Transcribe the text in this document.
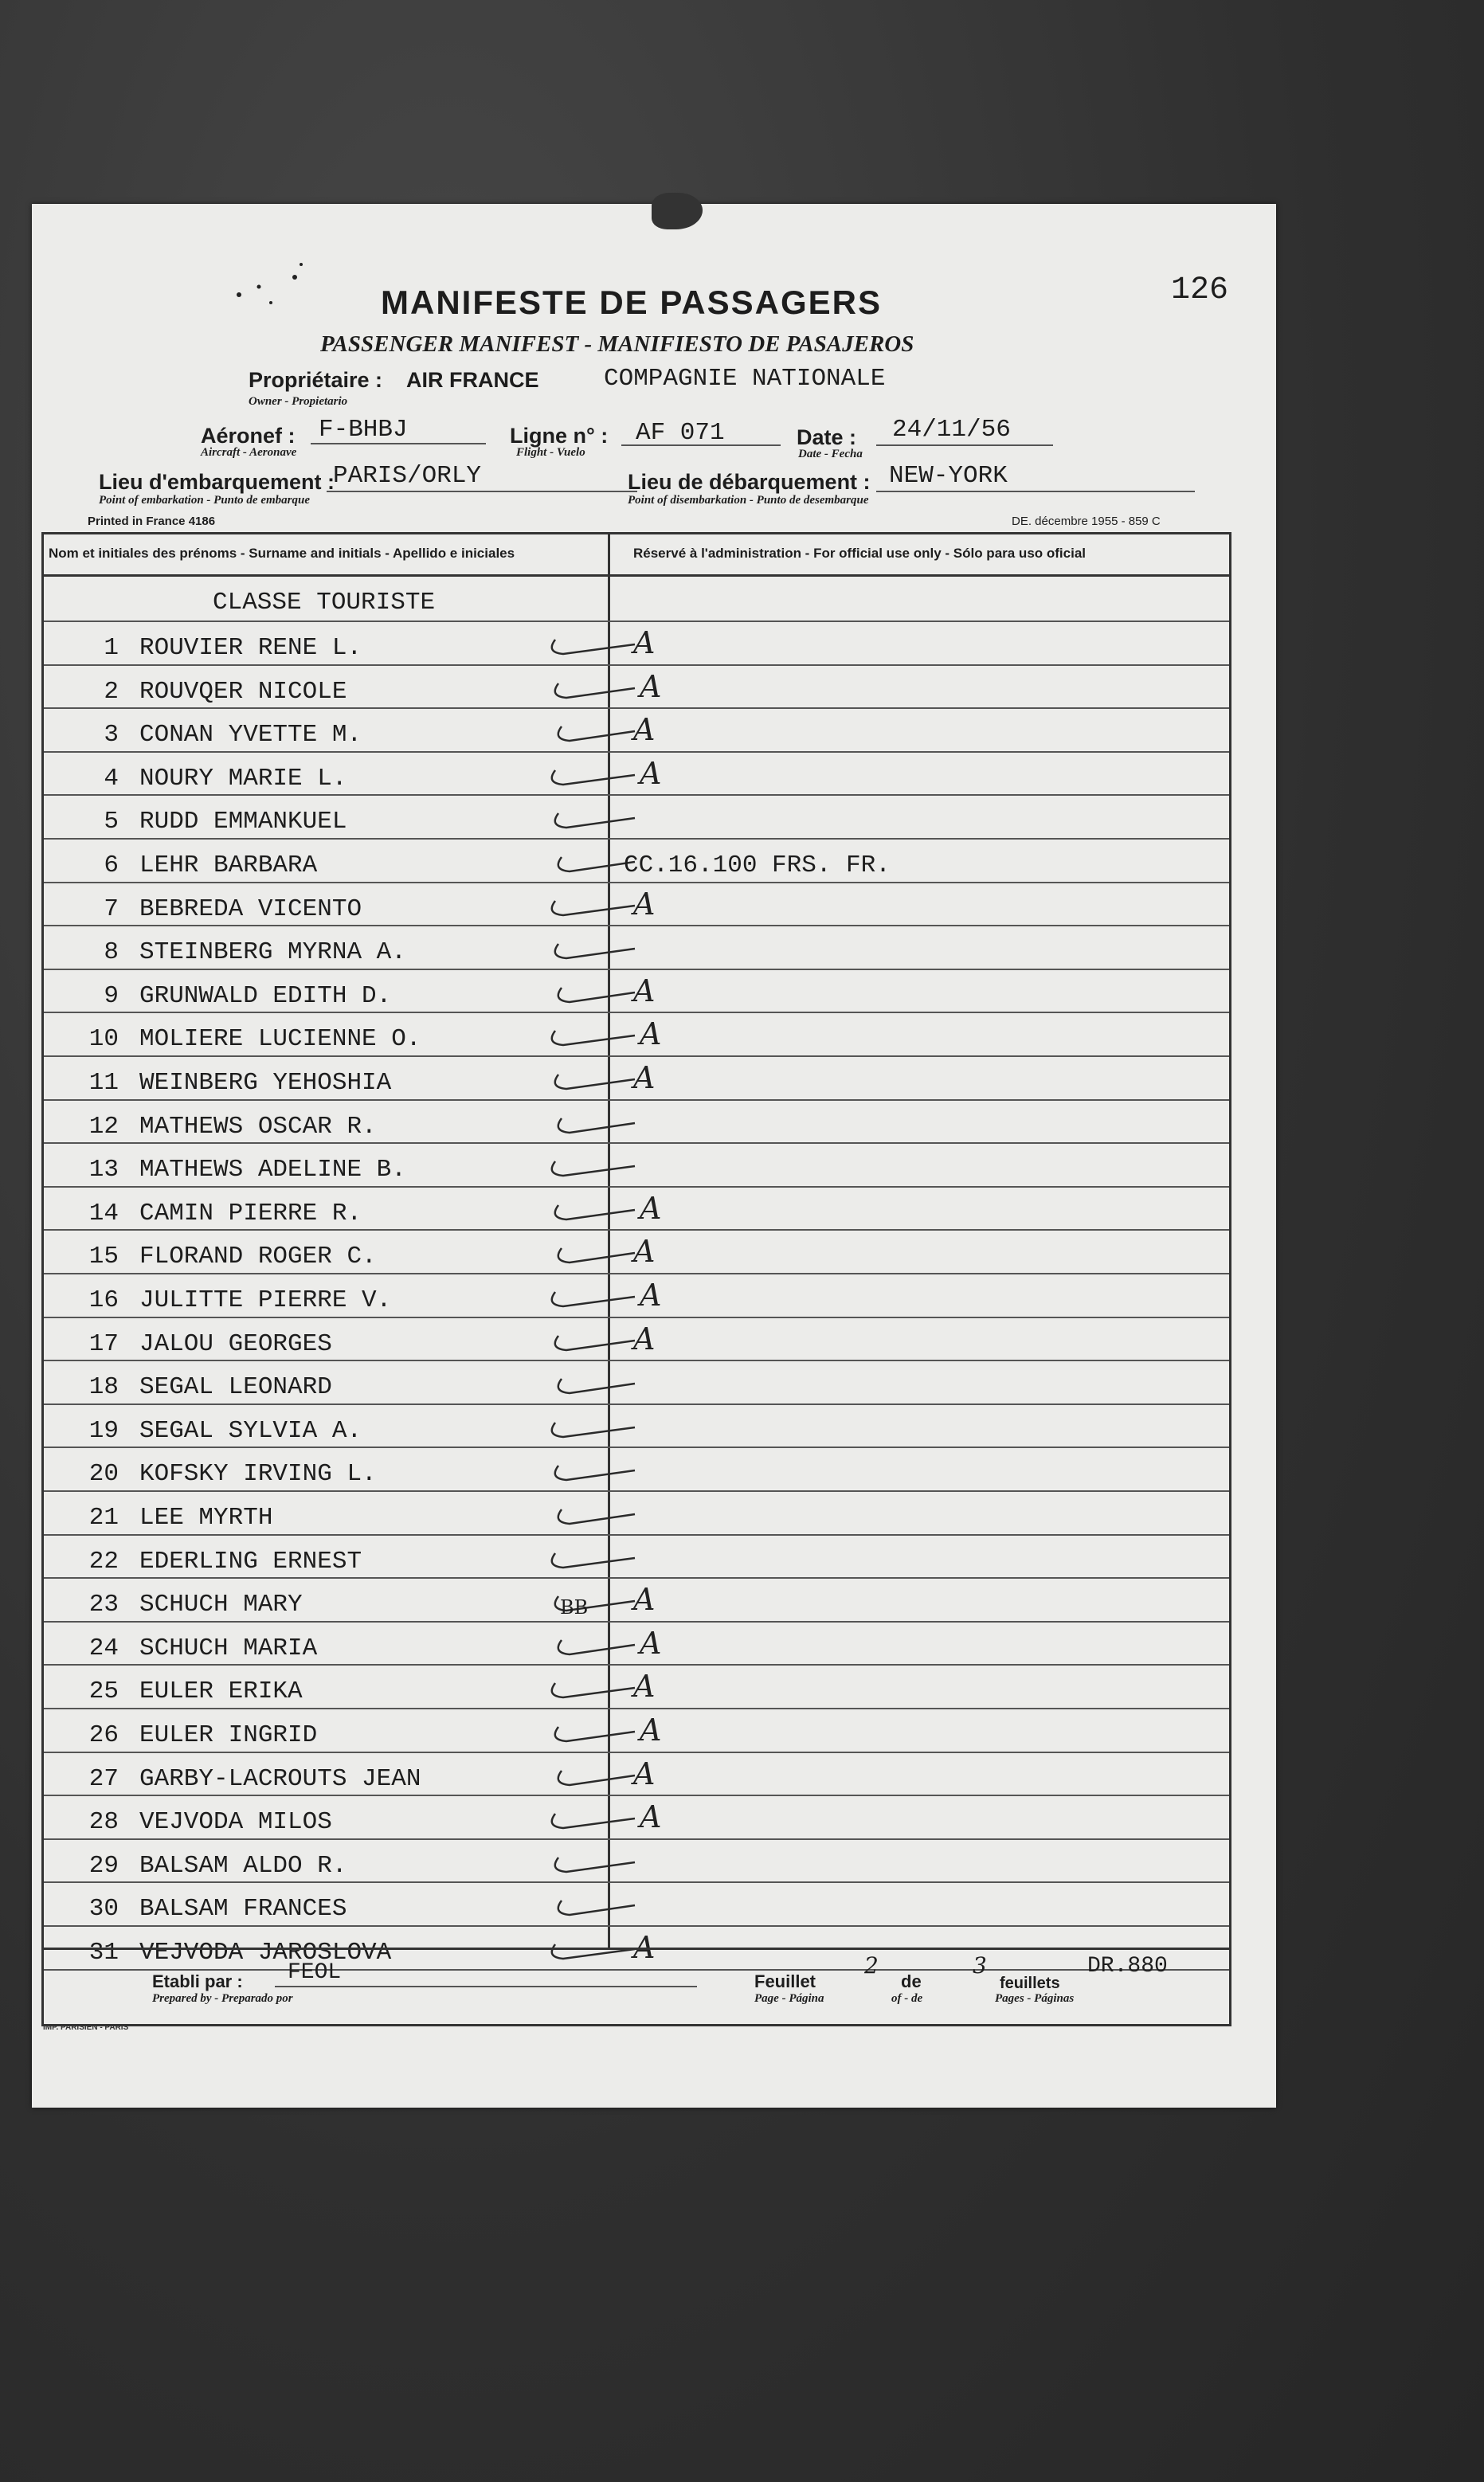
126
MANIFESTE DE PASSAGERS
PASSENGER MANIFEST - MANIFIESTO DE PASAJEROS
Propriétaire : AIR FRANCE	COMPAGNIE NATIONALE
Owner - Propietario
Aéronef : F-BHBJ
Aircraft - Aeronave
Ligne n° : AF 071
Flight - Vuelo
Date : 24/11/56
Date - Fecha
Lieu d'embarquement :
PARIS/ORLY
Point of embarkation - Punto de embarque
Lieu de débarquement : NEW-YORK
Point of disembarkation - Punto de desembarque
Printed in France 4186	DE. décembre 1955 - 859 C
Nom et initiales des prénoms - Surname and initials - Apellido e iniciales	Réservé à l'administration - For official use only - Sólo para uso oficial
CLASSE TOURISTE
1 ROUVIER RENE L.	A
2 ROUVQER NICOLE	A
3 CONAN YVETTE M.	A
4 NOURY MARIE L.	A
5 RUDD EMMANKUEL
6 LEHR BARBARA	CC.16.100 FRS. FR.
7 BEBREDA VICENTO	A
8 STEINBERG MYRNA A.
9 GRUNWALD EDITH D.	A
10 MOLIERE LUCIENNE O.	A
11 WEINBERG YEHOSHIA	A
12 MATHEWS OSCAR R.
13 MATHEWS ADELINE B.
14 CAMIN PIERRE R.	A
15 FLORAND ROGER C.	A
16 JULITTE PIERRE V.	A
17 JALOU GEORGES	A
18 SEGAL LEONARD
19 SEGAL SYLVIA A.
20 KOFSKY IRVING L.
21 LEE MYRTH
22 EDERLING ERNEST
23 SCHUCH MARY	BB A
24 SCHUCH MARIA	A
25 EULER ERIKA	A
26 EULER INGRID	A
27 GARBY-LACROUTS JEAN	A
28 VEJVODA MILOS	A
29 BALSAM ALDO R.
30 BALSAM FRANCES
31 VEJVODA JAROSLOVA	A
Etabli par : FEOL
Prepared by - Preparado por
Feuillet
2
de
3
feuillets
DR.880
Page - Página	of - de	Pages - Páginas
IMP. PARISIEN - PARIS
